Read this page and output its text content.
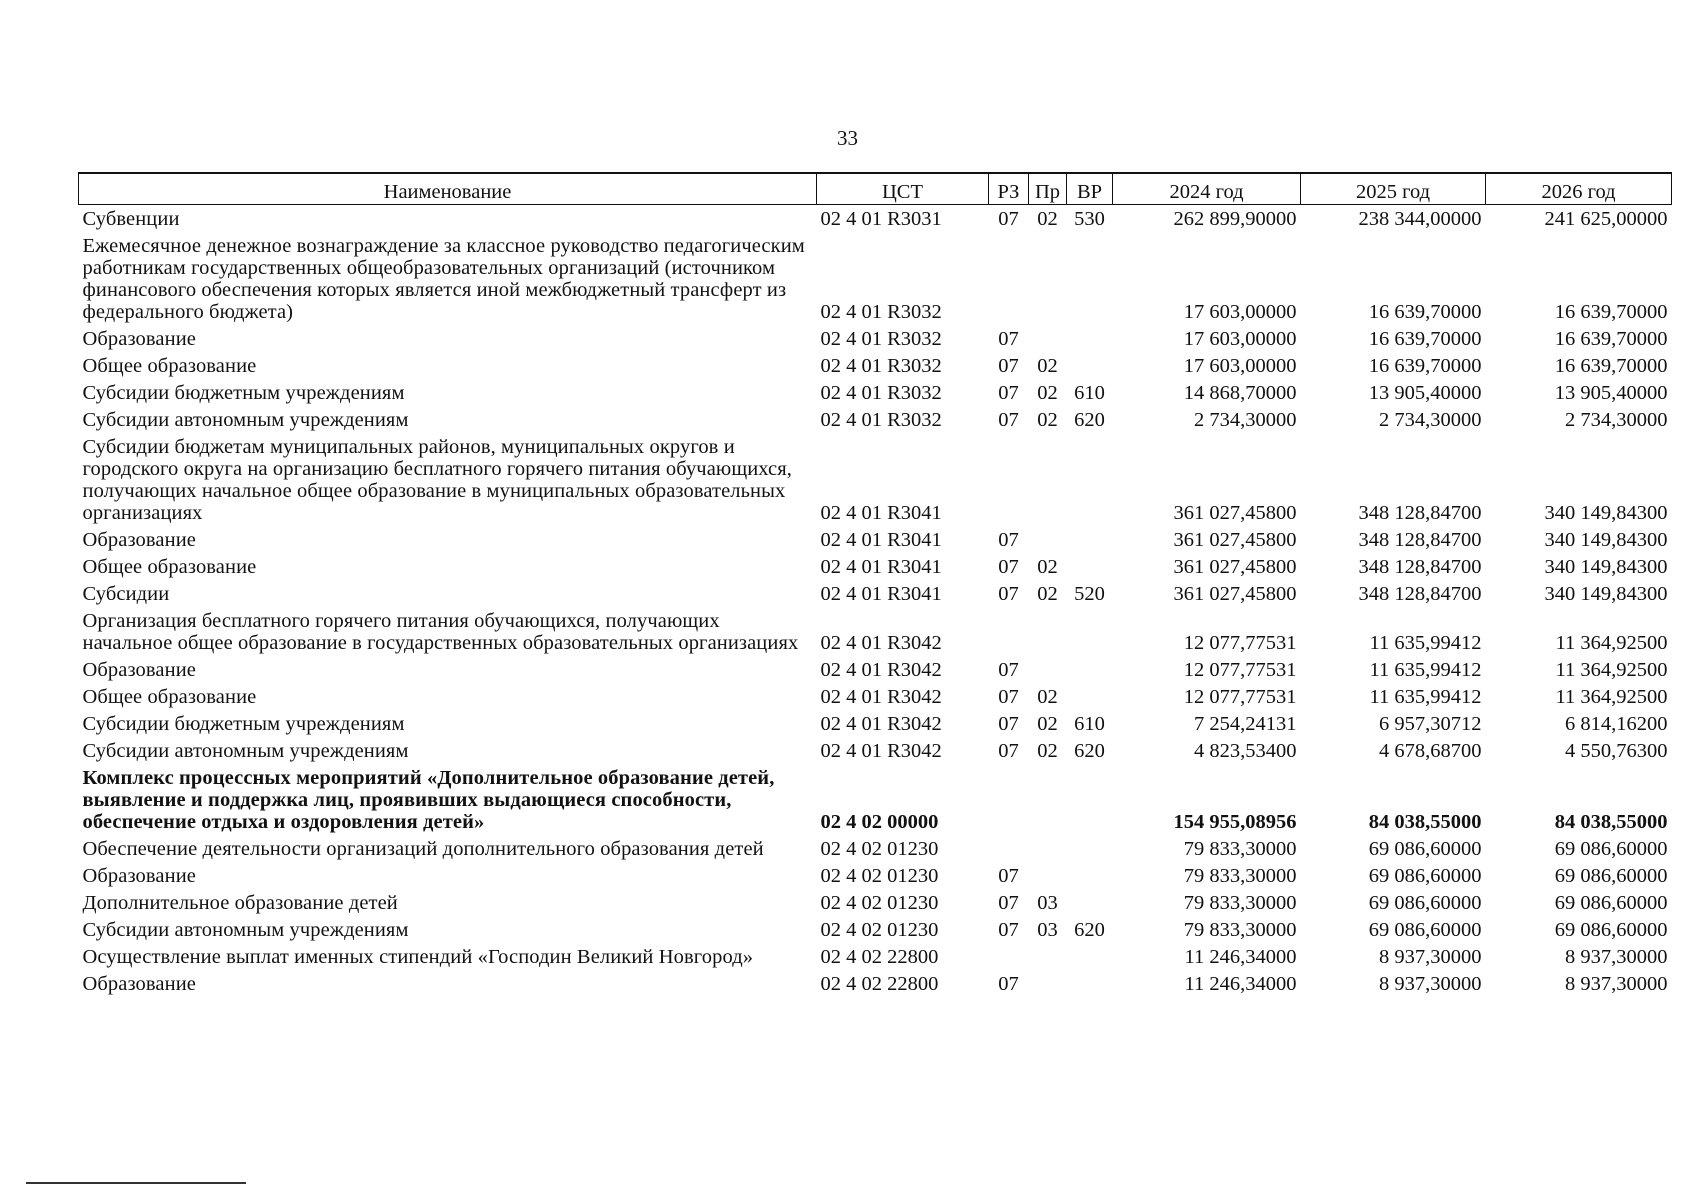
33
Наименование	ЦСТ	РЗ	Пр	ВР	2024 год	2025 год	2026 год
Субвенции	02 4 01 R3031	07	02	530	262 899,90000	238 344,00000	241 625,00000
Ежемесячное денежное вознаграждение за классное руководство педагогическим работникам государственных общеобразовательных организаций (источником финансового обеспечения которых является иной межбюджетный трансферт из федерального бюджета)	02 4 01 R3032				17 603,00000	16 639,70000	16 639,70000
Образование	02 4 01 R3032	07			17 603,00000	16 639,70000	16 639,70000
Общее образование	02 4 01 R3032	07	02		17 603,00000	16 639,70000	16 639,70000
Субсидии бюджетным учреждениям	02 4 01 R3032	07	02	610	14 868,70000	13 905,40000	13 905,40000
Субсидии автономным учреждениям	02 4 01 R3032	07	02	620	2 734,30000	2 734,30000	2 734,30000
Субсидии бюджетам муниципальных районов, муниципальных округов и городского округа на организацию бесплатного горячего питания обучающихся, получающих начальное общее образование в муниципальных образовательных организациях	02 4 01 R3041				361 027,45800	348 128,84700	340 149,84300
Образование	02 4 01 R3041	07			361 027,45800	348 128,84700	340 149,84300
Общее образование	02 4 01 R3041	07	02		361 027,45800	348 128,84700	340 149,84300
Субсидии	02 4 01 R3041	07	02	520	361 027,45800	348 128,84700	340 149,84300
Организация бесплатного горячего питания обучающихся, получающих начальное общее образование в государственных образовательных организациях	02 4 01 R3042				12 077,77531	11 635,99412	11 364,92500
Образование	02 4 01 R3042	07			12 077,77531	11 635,99412	11 364,92500
Общее образование	02 4 01 R3042	07	02		12 077,77531	11 635,99412	11 364,92500
Субсидии бюджетным учреждениям	02 4 01 R3042	07	02	610	7 254,24131	6 957,30712	6 814,16200
Субсидии автономным учреждениям	02 4 01 R3042	07	02	620	4 823,53400	4 678,68700	4 550,76300
Комплекс процессных мероприятий «Дополнительное образование детей, выявление и поддержка лиц, проявивших выдающиеся способности, обеспечение отдыха и оздоровления детей»	02 4 02 00000				154 955,08956	84 038,55000	84 038,55000
Обеспечение деятельности организаций дополнительного образования детей	02 4 02 01230				79 833,30000	69 086,60000	69 086,60000
Образование	02 4 02 01230	07			79 833,30000	69 086,60000	69 086,60000
Дополнительное образование детей	02 4 02 01230	07	03		79 833,30000	69 086,60000	69 086,60000
Субсидии автономным учреждениям	02 4 02 01230	07	03	620	79 833,30000	69 086,60000	69 086,60000
Осуществление выплат именных стипендий «Господин Великий Новгород»	02 4 02 22800				11 246,34000	8 937,30000	8 937,30000
Образование	02 4 02 22800	07			11 246,34000	8 937,30000	8 937,30000
